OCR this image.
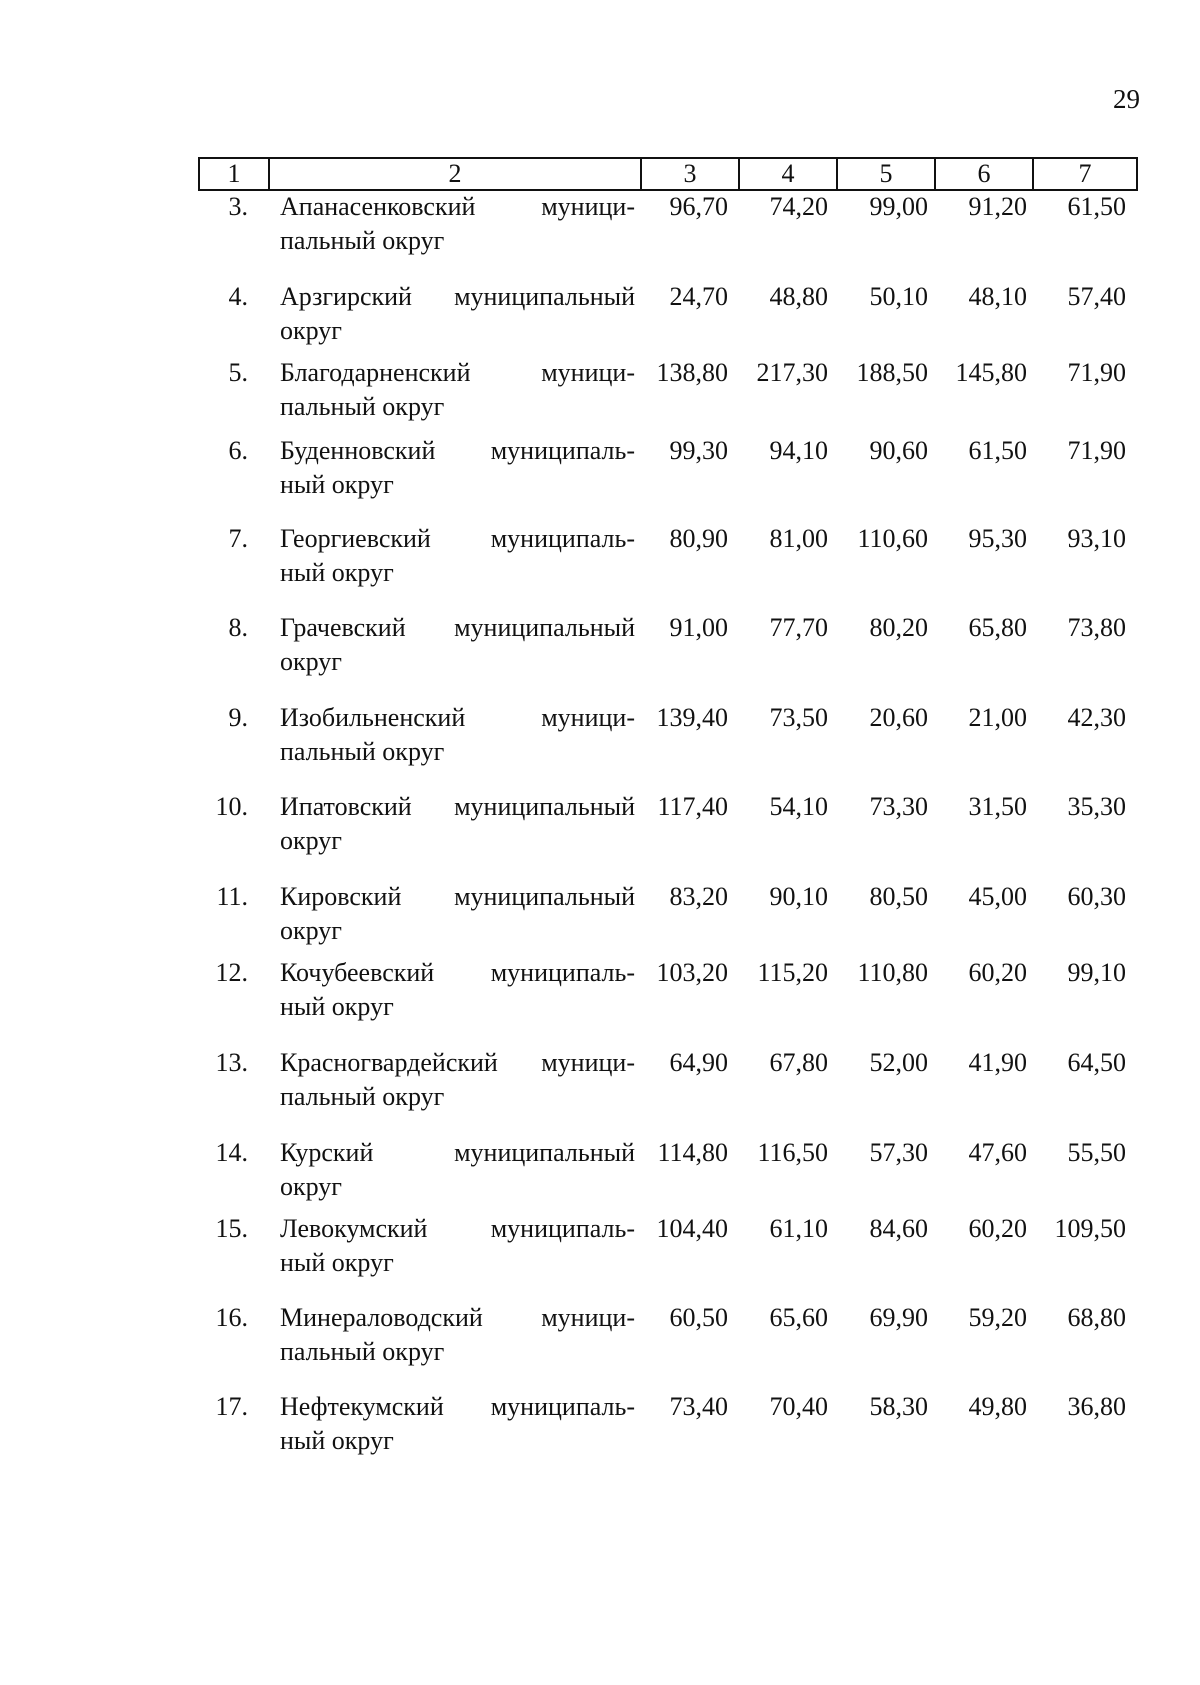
29
1	2	3	4	5	6	7
3. Апанасенковский муници-
пальный округ
96,70	74,20	99,00	91,20	61,50
4. Арзгирский муниципальный
округ
24,70	48,80	50,10	48,10	57,40
5. Благодарненский муници-
пальный округ
138,80	217,30	188,50	145,80	71,90
6. Буденновский муниципаль-
ный округ
99,30	94,10	90,60	61,50	71,90
7. Георгиевский муниципаль-
ный округ
80,90	81,00	110,60	95,30	93,10
8. Грачевский муниципальный
округ
91,00	77,70	80,20	65,80	73,80
9. Изобильненский муници-
пальный округ
139,40	73,50	20,60	21,00	42,30
10. Ипатовский муниципальный
округ
117,40	54,10	73,30	31,50	35,30
11. Кировский муниципальный
округ
83,20	90,10	80,50	45,00	60,30
12. Кочубеевский муниципаль-
ный округ
103,20	115,20	110,80	60,20	99,10
13. Красногвардейский муници-
пальный округ
64,90	67,80	52,00	41,90	64,50
14. Курский муниципальный
округ
114,80	116,50	57,30	47,60	55,50
15. Левокумский муниципаль-
ный округ
104,40	61,10	84,60	60,20	109,50
16. Минераловодский муници-
пальный округ
60,50	65,60	69,90	59,20	68,80
17. Нефтекумский муниципаль-
ный округ
73,40	70,40	58,30	49,80	36,80
